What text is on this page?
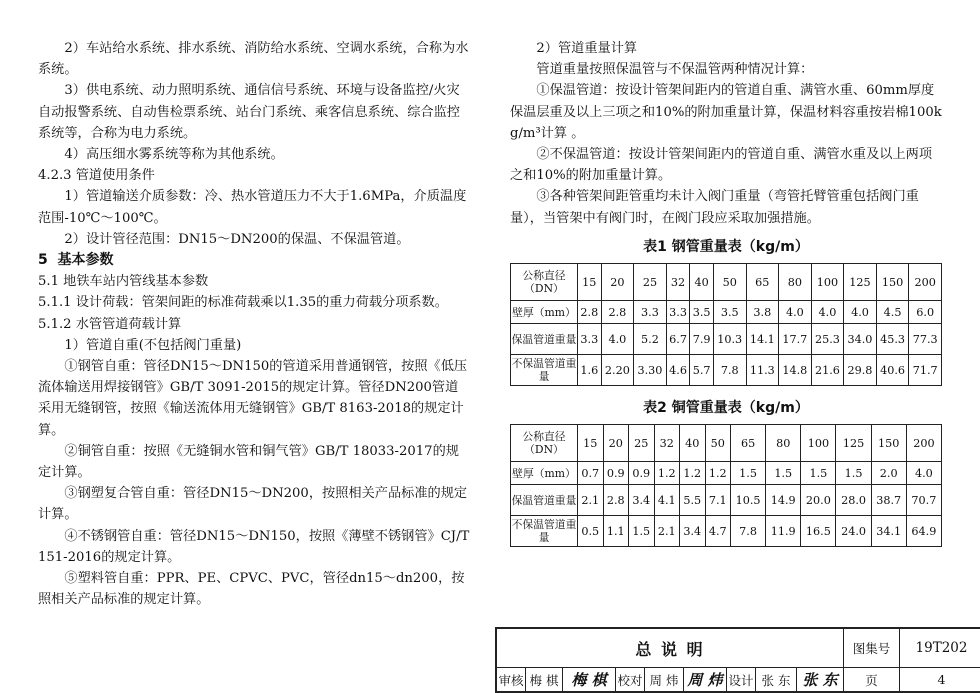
2）车站给水系统、排水系统、消防给水系统、空调水系统，合称为水系统。

3）供电系统、动力照明系统、通信信号系统、环境与设备监控/火灾自动报警系统、自动售检票系统、站台门系统、乘客信息系统、综合监控系统等，合称为电力系统。

4）高压细水雾系统等称为其他系统。

4.2.3 管道使用条件

1）管道输送介质参数：冷、热水管道压力不大于1.6MPa，介质温度范围-10℃～100℃。

2）设计管径范围：DN15～DN200的保温、不保温管道。

5  基本参数

5.1 地铁车站内管线基本参数

5.1.1 设计荷载：管架间距的标准荷载乘以1.35的重力荷载分项系数。

5.1.2 水管管道荷载计算

1）管道自重(不包括阀门重量)

①钢管自重：管径DN15～DN150的管道采用普通钢管，按照《低压流体输送用焊接钢管》GB/T 3091-2015的规定计算。管径DN200管道采用无缝钢管，按照《输送流体用无缝钢管》GB/T 8163-2018的规定计算。

②铜管自重：按照《无缝铜水管和铜气管》GB/T 18033-2017的规定计算。

③钢塑复合管自重：管径DN15～DN200，按照相关产品标准的规定计算。

④不锈钢管自重：管径DN15～DN150，按照《薄壁不锈钢管》CJ/T 151-2016的规定计算。

⑤塑料管自重：PPR、PE、CPVC、PVC，管径dn15～dn200，按照相关产品标准的规定计算。

2）管道重量计算

管道重量按照保温管与不保温管两种情况计算：

①保温管道：按设计管架间距内的管道自重、满管水重、60mm厚度保温层重及以上三项之和10%的附加重量计算，保温材料容重按岩棉100kg/m³计算 。

②不保温管道：按设计管架间距内的管道自重、满管水重及以上两项之和10%的附加重量计算。

③各种管架间距管重均未计入阀门重量（弯管托臂管重包括阀门重量），当管架中有阀门时，在阀门段应采取加强措施。

表1 钢管重量表（kg/m）
公称直径（DN）	15	20	25	32	40	50	65	80	100	125	150	200
壁厚（mm）	2.8	2.8	3.3	3.3	3.5	3.5	3.8	4.0	4.0	4.0	4.5	6.0
保温管道重量	3.3	4.0	5.2	6.7	7.9	10.3	14.1	17.7	25.3	34.0	45.3	77.3
不保温管道重量	1.6	2.20	3.30	4.6	5.7	7.8	11.3	14.8	21.6	29.8	40.6	71.7
表2 铜管重量表（kg/m）
公称直径（DN）	15	20	25	32	40	50	65	80	100	125	150	200
壁厚（mm）	0.7	0.9	0.9	1.2	1.2	1.2	1.5	1.5	1.5	1.5	2.0	4.0
保温管道重量	2.1	2.8	3.4	4.1	5.5	7.1	10.5	14.9	20.0	28.0	38.7	70.7
不保温管道重量	0.5	1.1	1.5	2.1	3.4	4.7	7.8	11.9	16.5	24.0	34.1	64.9
总 说 明	图集号	19T202
审核 梅 棋 梅 棋 校对 周 炜 周 炜 设计 张 东 张 东	页	4
